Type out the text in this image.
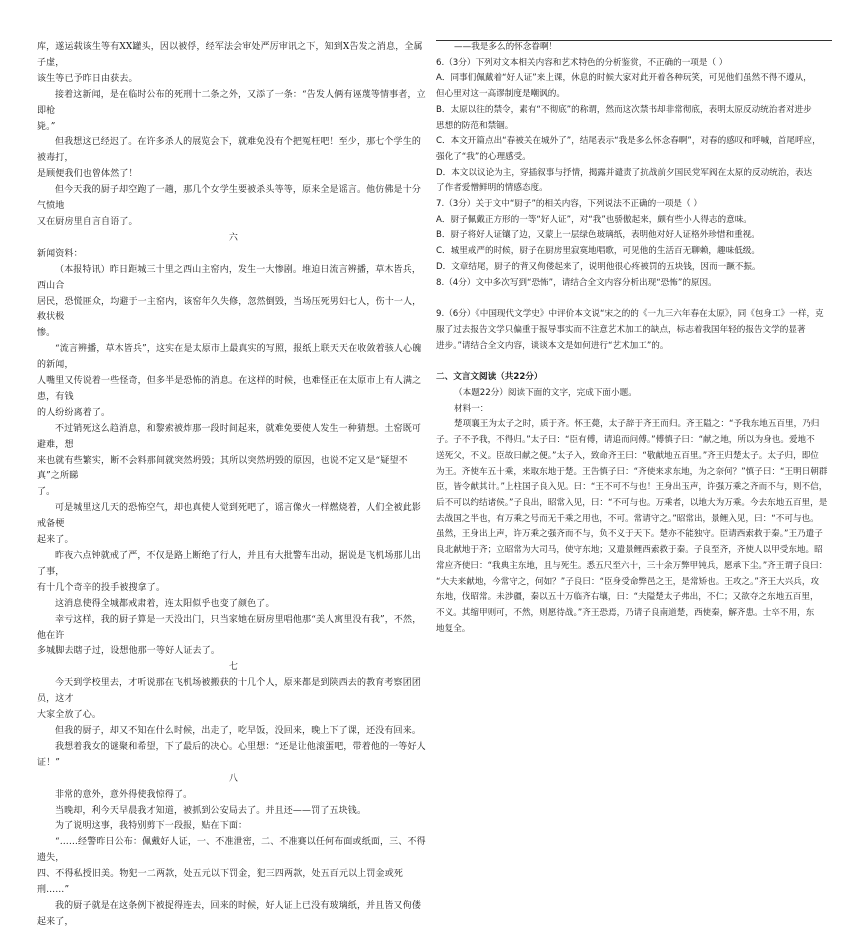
库，遂运载该生等有XX罐头，因以被俘，经军法会审处严厉审讯之下，知到X告发之消息，全属子虚，

该生等已予昨日由获去。

接着这新闻，是在临时公布的死刑十二条之外，又添了一条：“告发人俩有诬蔑等情事者，立即枪

毙。”

但我想这已经迟了。在许多杀人的展览会下，就难免没有个把冤枉吧！至少，那七个学生的被毒打，

是顾便我们也曾体然了！

但今天我的厨子却空跑了一趟，那几个女学生要被杀头等等，原来全是谣言。他仿佛是十分气愤地

又在厨房里自言自语了。

六

新闻资料：

（本报特讯）昨日距城三十里之西山主窑内，发生一大惨剧。堆迫日流言辨播，草木皆兵，西山合

居民，恐慌匪众，均避于一主窑内，该窑年久失修，忽然倒毁，当场压死男妇七人，伤十一人，救状极

惨。

“流言辨播，草木皆兵”，这实在是太原市上最真实的写照，报纸上联天天在收敛着骇人心魄的新闻，

人嘴里又传说着一些怪奇，但多半是恐怖的消息。在这样的时候，也难怪正在太原市上有人满之患，有钱

的人纷纷离着了。

不过销死这么趋消息，和黎索被炸那一段时间起来，就难免要使人发生一种猜想。土窑既可避难，想

来也就有些繁实，断不会料那间就突然坍毁；其所以突然坍毁的原因，也说不定又是“疑望不真”之所睇

了。

可是城里这几天的恐怖空气，却也真使人觉到死吧了，谣言像火一样燃烧着，人们全被此影戒备梗

起来了。

昨夜六点钟就戒了严，不仅是路上断绝了行人，并且有大批警车出动，据说是飞机场那儿出了事，

有十几个奇辛的投手被搜拿了。

这消息使得全城都戒肃着，连太阳似乎也变了颜色了。

幸亏这样，我的厨子算是一天没出门，只当家她在厨房里唱他那“美人寓里没有我”，不然，他在许

多城脚去瞎子过，设想他那一等好人证去了。

七

今天到学校里去，才听说那在飞机场被搬获的十几个人，原来都是到陕西去的教育考察团团员，这才

大家全放了心。

但我的厨子，却又不知在什么时候，出走了，吃早饭，没回来，晚上下了课，还没有回来。

我想着我女的谜聚和希望，下了最后的决心。心里想：“还是让他滚蛋吧，带着他的一等好人证！”

八

非常的意外，意外得使我惊得了。

当晚却，利今天早晨我才知道，被抓到公安局去了。并且还——罚了五块钱。

为了说明这事，我特别剪下一段报，贴在下面：

“……经警昨日公布：佩戴好人证，一、不准泄密，二、不准赛以任何布面或纸面，三、不得遗失，

四、不得私授旧美。物犯一二两款，处五元以下罚金，犯三四两款，处五百元以上罚金或死刑……”

我的厨子就是在这条例下被捉得连去，回来的时候，好人证上已没有玻璃纸，并且皆又佝偻起来了，

——我是多么的怀念眷啊！

6.（3分）下列对文本相关内容和艺术特色的分析鉴赏，不正确的一项是（ ）

A．同事们佩戴着“好人证”来上课，休息的时候大家对此开着各种玩笑，可见他们虽然不得不遵从，

但心里对这一高谬制度是嘲讽的。

B．太原以往的禁令，素有“不彻底”的称谓，然而这次禁书却非常彻底，表明太原反动统治者对进步

思想的防范和禁锢。

C．本文开篇点出“春被关在城外了”，结尾表示“我是多么怀念春啊”，对春的感叹和呼喊，首尾呼应，

强化了“我”的心理感受。

D．本文以议论为主，穿插叙事与抒情，揭露并谴责了抗战前夕国民党军阀在太原的反动统治，表达

了作者爱憎鲜明的情感态度。

7.（3分）关于文中“厨子”的相关内容，下列说法不正确的一项是（ ）

A．厨子佩戴正方形的一等“好人证”，对“我”也骄傲起来，颇有些小人得志的意味。

B．厨子将好人证镶了边，又蒙上一层绿色玻璃纸，表明他对好人证格外珍惜和重视。

C．城里戒严的时候，厨子在厨房里寂寞地唱歌，可见他的生活百无聊赖，趣味低级。

D．文章结尾，厨子的背又佝偻起来了，说明他很心疼被罚的五块钱，因而一蹶不振。

8.（4分）文中多次写到“恐怖”，请结合全文内容分析出现“恐怖”的原因。

9.（6分）《中国现代文学史》中评价本文说“宋之的的《一九三六年春在太原》，同《包身工》一样，克

服了过去报告文学只偏重于报导事实而不注意艺术加工的缺点，标志着我国年轻的报告文学的显著

进步。”请结合全文内容，谈谈本文是如何进行“艺术加工”的。

二、文言文阅读（共22分）

（本题22分）阅读下面的文字，完成下面小题。

材料一：

楚项襄王为太子之时，质于齐。怀王薨，太子辞于齐王而归。齐王隘之：“予我东地五百里，乃归

子。子不予我，不得归。”太子曰：“臣有傅，请追而问傅。”傅慎子曰：“献之地，所以为身也。爱地不

送死父，不义。臣故曰献之便。”太子入，致命齐王曰：“敬献地五百里。”齐王归楚太子。太子归，即位

为王。齐使车五十乘，来取东地于楚。王告慎子曰：“齐使来求东地，为之奈何？”慎子曰：“王明日朝群

臣，皆令献其计。”上柱国子良入见。曰：“王不可不与也！王身出玉声，许强万乘之齐而不与，则不信，

后不可以约结诸侯。”子良出，昭常入见，曰：“不可与也。万乘者，以地大为万乘。今去东地五百里，是

去战国之半也，有万乘之号而无千乘之用也，不可。常请守之。”昭常出，景鲤入见，曰：“不可与也。

虽然，王身出上声，许万乘之强齐而不与，负不义于天下。楚亦不能独守。臣请西索救于秦。”王乃遣子

良北献地于齐；立昭常为大司马，使守东地；又遣景鲤西索救于秦。子良至齐，齐使人以甲受东地。昭

常应齐使曰：“我典主东地，且与死生。悉五尺至六十，三十余万弊甲钝兵，愿承下尘。”齐王谓子良曰：

“大夫来献地，今常守之，何如？”子良曰：“臣身受命弊邑之王，是常矫也。王攻之。”齐王大兴兵，攻

东地，伐昭常。未涉疆，秦以五十万临齐右壤，曰：“夫隘楚太子弗出，不仁；又欲夺之东地五百里，

不义。其缩甲则可，不然，则愿待战。”齐王恐焉，乃请子良南道楚，西使秦，解齐患。士卒不用，东

地复全。
